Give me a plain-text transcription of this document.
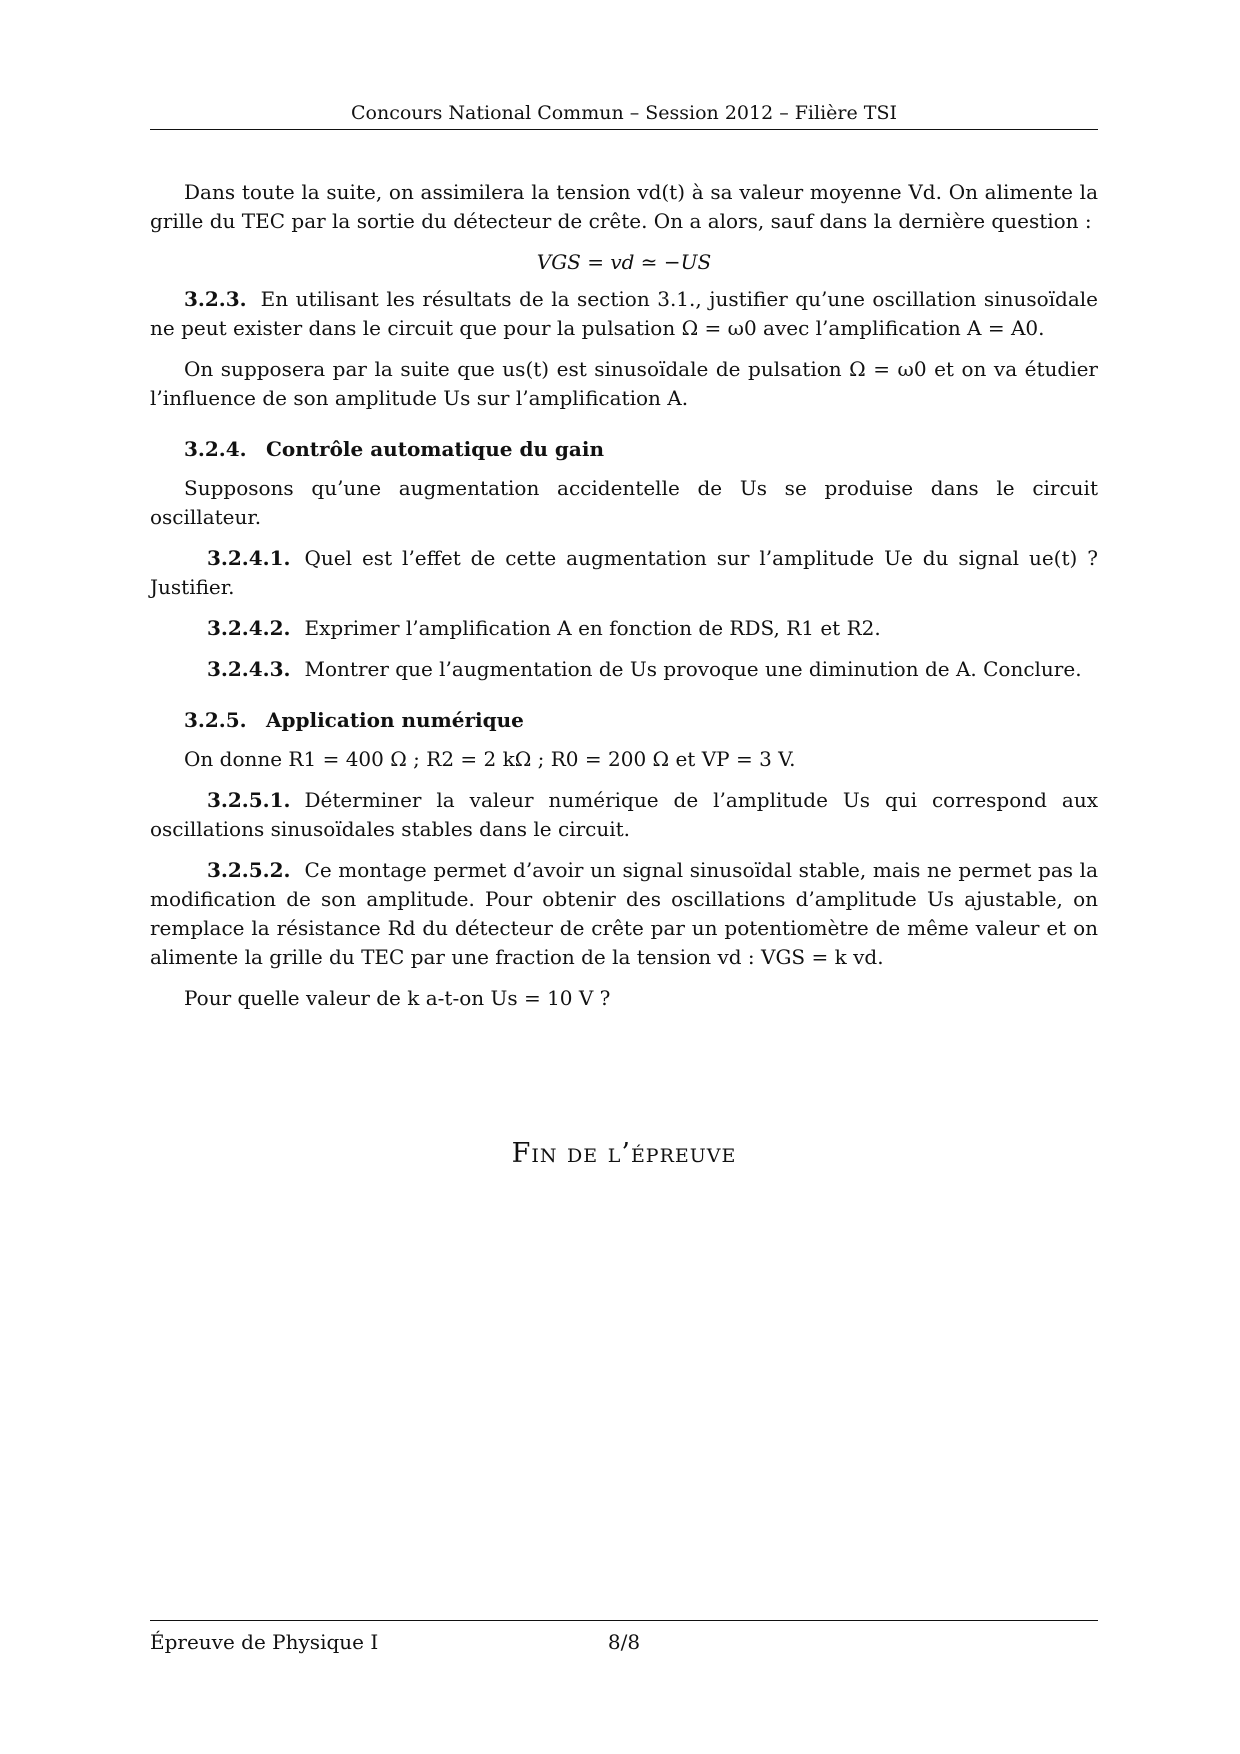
Concours National Commun – Session 2012 – Filière TSI

Dans toute la suite, on assimilera la tension vd(t) à sa valeur moyenne Vd. On alimente la grille du TEC par la sortie du détecteur de crête. On a alors, sauf dans la dernière question :

VGS = vd ≃ −US

3.2.3. En utilisant les résultats de la section 3.1., justifier qu’une oscillation sinusoïdale ne peut exister dans le circuit que pour la pulsation Ω = ω0 avec l’amplification A = A0.

On supposera par la suite que us(t) est sinusoïdale de pulsation Ω = ω0 et on va étudier l’influence de son amplitude Us sur l’amplification A.

3.2.4. Contrôle automatique du gain

Supposons qu’une augmentation accidentelle de Us se produise dans le circuit oscillateur.

3.2.4.1. Quel est l’effet de cette augmentation sur l’amplitude Ue du signal ue(t) ? Justifier.

3.2.4.2. Exprimer l’amplification A en fonction de RDS, R1 et R2.

3.2.4.3. Montrer que l’augmentation de Us provoque une diminution de A. Conclure.

3.2.5. Application numérique

On donne R1 = 400 Ω ; R2 = 2 kΩ ; R0 = 200 Ω et VP = 3 V.

3.2.5.1. Déterminer la valeur numérique de l’amplitude Us qui correspond aux oscillations sinusoïdales stables dans le circuit.

3.2.5.2. Ce montage permet d’avoir un signal sinusoïdal stable, mais ne permet pas la modification de son amplitude. Pour obtenir des oscillations d’amplitude Us ajustable, on remplace la résistance Rd du détecteur de crête par un potentiomètre de même valeur et on alimente la grille du TEC par une fraction de la tension vd : VGS = k vd.

Pour quelle valeur de k a-t-on Us = 10 V ?

Fin de l’épreuve
Épreuve de Physique I	8/8
